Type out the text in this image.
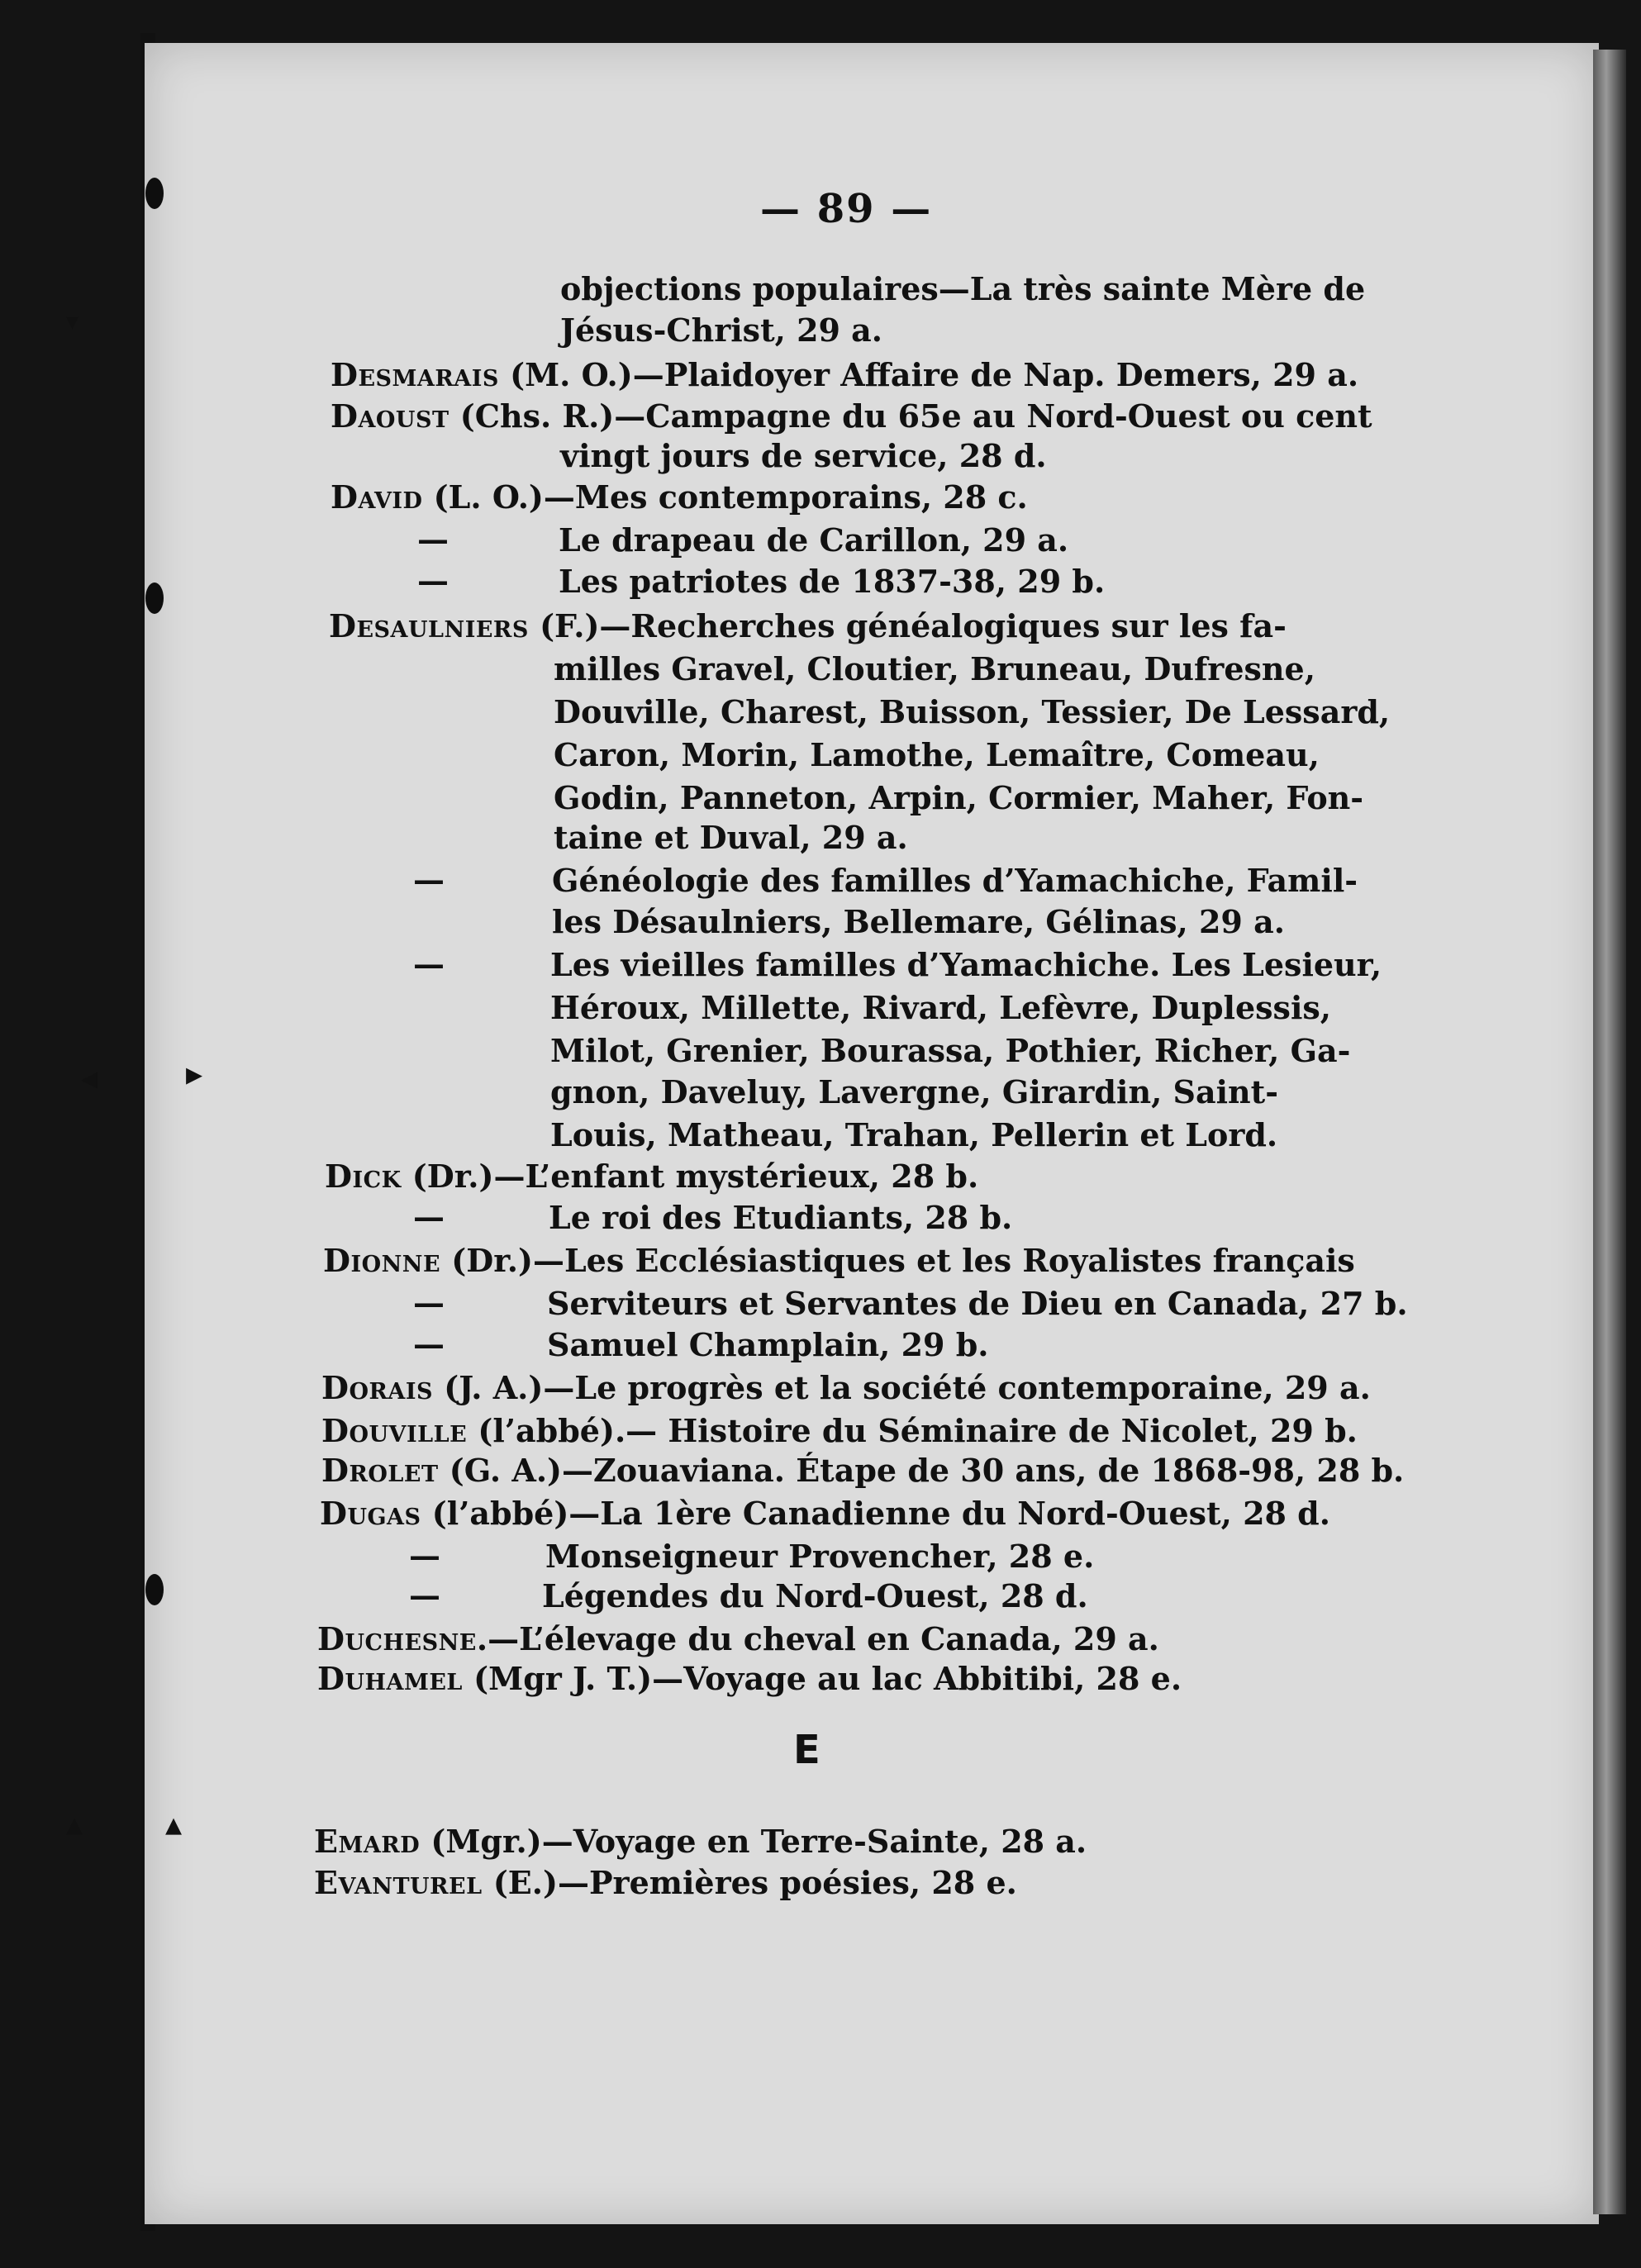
▾
◂	▸
▴ ▴
— 89 —
objections populaires—La très sainte Mère de
Jésus-Christ, 29 a.
Desmarais (M. O.)—Plaidoyer Affaire de Nap. Demers, 29 a.
Daoust (Chs. R.)—Campagne du 65e au Nord-Ouest ou cent
vingt jours de service, 28 d.
David (L. O.)—Mes contemporains, 28 c.
—	Le drapeau de Carillon, 29 a.
—	Les patriotes de 1837-38, 29 b.
Desaulniers (F.)—Recherches généalogiques sur les fa-
milles Gravel, Cloutier, Bruneau, Dufresne,
Douville, Charest, Buisson, Tessier, De Lessard,
Caron, Morin, Lamothe, Lemaître, Comeau,
Godin, Panneton, Arpin, Cormier, Maher, Fon-
taine et Duval, 29 a.
—	Généologie des familles d’Yamachiche, Famil-
les Désaulniers, Bellemare, Gélinas, 29 a.
—	Les vieilles familles d’Yamachiche. Les Lesieur,
Héroux, Millette, Rivard, Lefèvre, Duplessis,
Milot, Grenier, Bourassa, Pothier, Richer, Ga-
gnon, Daveluy, Lavergne, Girardin, Saint-
Louis, Matheau, Trahan, Pellerin et Lord.
Dick (Dr.)—L’enfant mystérieux, 28 b.
—	Le roi des Etudiants, 28 b.
Dionne (Dr.)—Les Ecclésiastiques et les Royalistes français
—	Serviteurs et Servantes de Dieu en Canada, 27 b.
—	Samuel Champlain, 29 b.
Dorais (J. A.)—Le progrès et la société contemporaine, 29 a.
Douville (l’abbé).— Histoire du Séminaire de Nicolet, 29 b.
Drolet (G. A.)—Zouaviana. Étape de 30 ans, de 1868-98, 28 b.
Dugas (l’abbé)—La 1ère Canadienne du Nord-Ouest, 28 d.
—	Monseigneur Provencher, 28 e.
—	Légendes du Nord-Ouest, 28 d.
Duchesne.—L’élevage du cheval en Canada, 29 a.
Duhamel (Mgr J. T.)—Voyage au lac Abbitibi, 28 e.
Emard (Mgr.)—Voyage en Terre-Sainte, 28 a.
Evanturel (E.)—Premières poésies, 28 e.
E
